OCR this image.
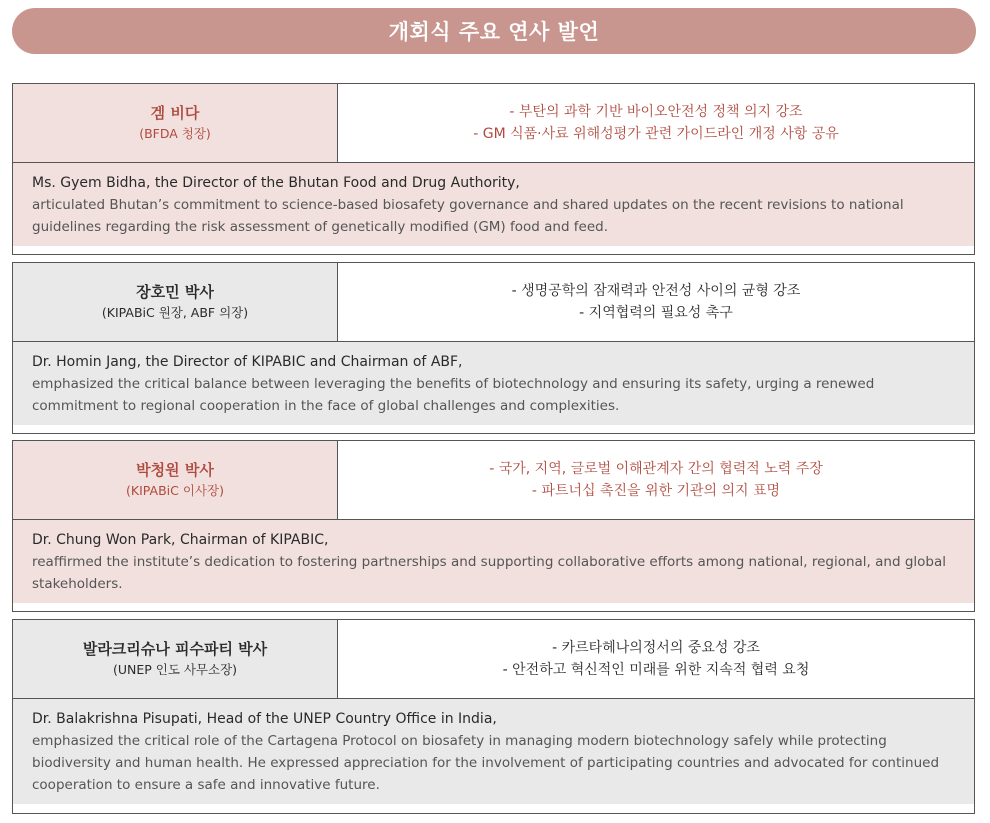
개회식 주요 연사 발언
겜 비다
(BFDA 청장)
- 부탄의 과학 기반 바이오안전성 정책 의지 강조
- GM 식품·사료 위해성평가 관련 가이드라인 개정 사항 공유
Ms. Gyem Bidha, the Director of the Bhutan Food and Drug Authority,
articulated Bhutan’s commitment to science-based biosafety governance and shared updates on the recent revisions to national guidelines regarding the risk assessment of genetically modified (GM) food and feed.
장호민 박사
(KIPABiC 원장, ABF 의장)
- 생명공학의 잠재력과 안전성 사이의 균형 강조
- 지역협력의 필요성 촉구
Dr. Homin Jang, the Director of KIPABIC and Chairman of ABF,
emphasized the critical balance between leveraging the benefits of biotechnology and ensuring its safety, urging a renewed commitment to regional cooperation in the face of global challenges and complexities.
박청원 박사
(KIPABiC 이사장)
- 국가, 지역, 글로벌 이해관계자 간의 협력적 노력 주장
- 파트너십 촉진을 위한 기관의 의지 표명
Dr. Chung Won Park, Chairman of KIPABIC,
reaffirmed the institute’s dedication to fostering partnerships and supporting collaborative efforts among national, regional, and global stakeholders.
발라크리슈나 피수파티 박사
(UNEP 인도 사무소장)
- 카르타헤나의정서의 중요성 강조
- 안전하고 혁신적인 미래를 위한 지속적 협력 요청
Dr. Balakrishna Pisupati, Head of the UNEP Country Office in India,
emphasized the critical role of the Cartagena Protocol on biosafety in managing modern biotechnology safely while protecting biodiversity and human health. He expressed appreciation for the involvement of participating countries and advocated for continued cooperation to ensure a safe and innovative future.
